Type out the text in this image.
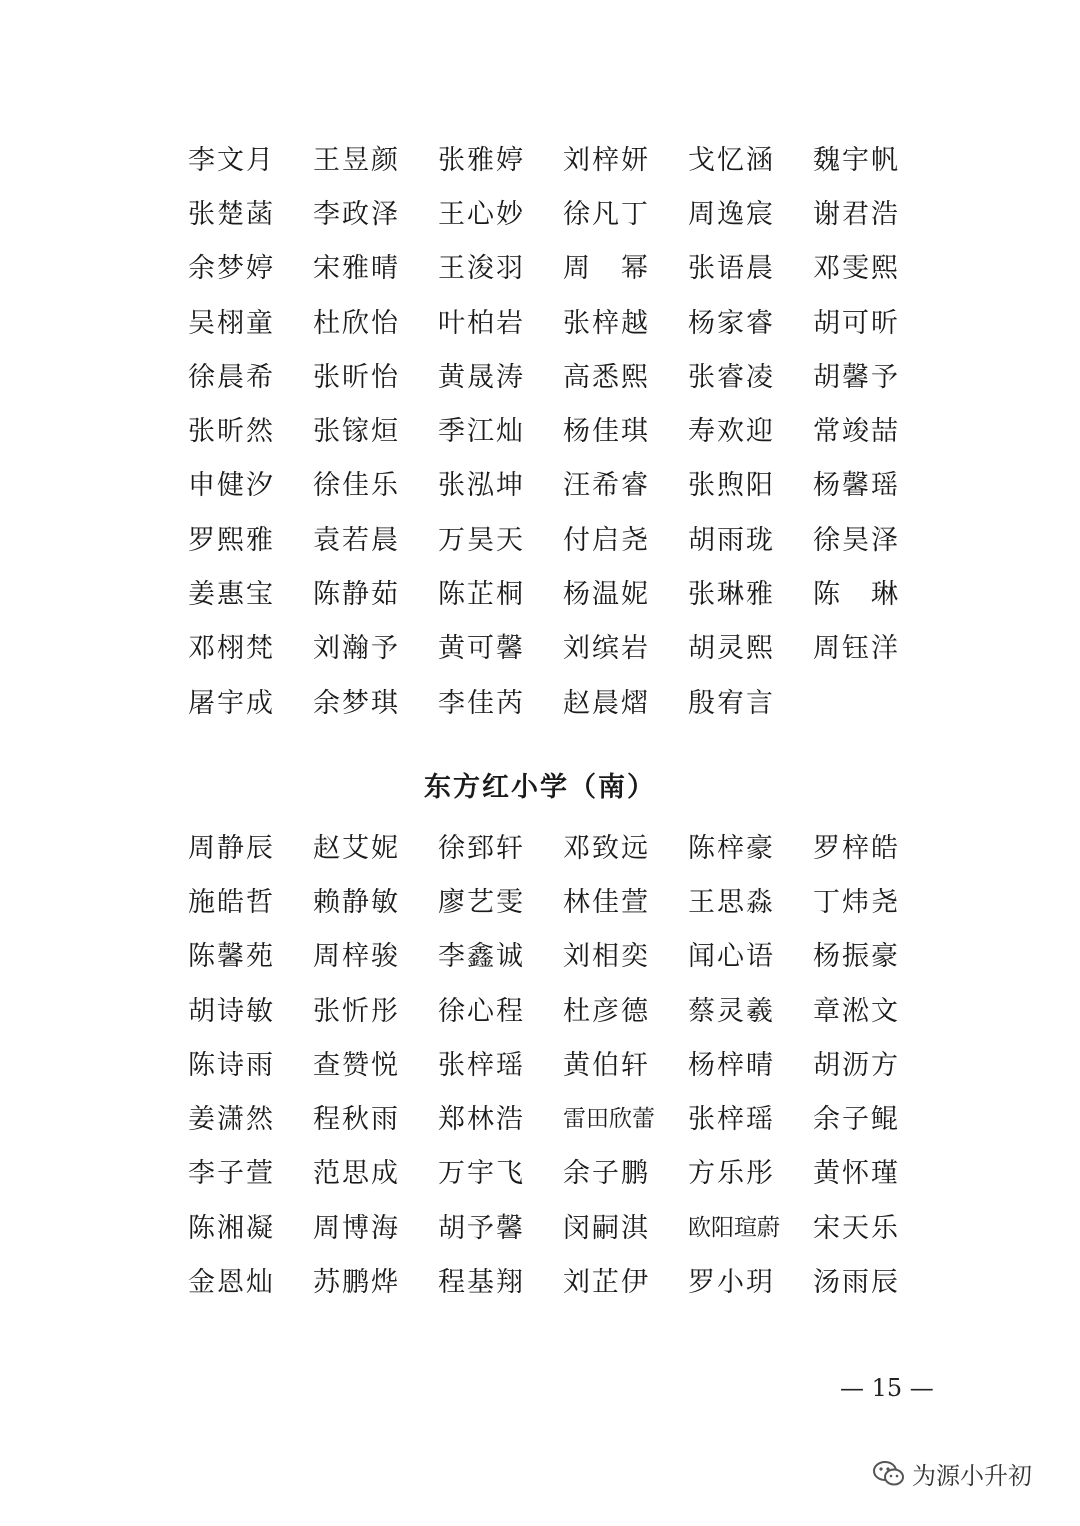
李文月	王昱颜	张雅婷	刘梓妍	戈忆涵	魏宇帆
张楚菡	李政泽	王心妙	徐凡丁	周逸宸	谢君浩
余梦婷	宋雅晴	王浚羽	周　幂	张语晨	邓雯熙
吴栩童	杜欣怡	叶柏岩	张梓越	杨家睿	胡可昕
徐晨希	张昕怡	黄晟涛	高悉熙	张睿凌	胡馨予
张昕然	张镓烜	季江灿	杨佳琪	寿欢迎	常竣喆
申健汐	徐佳乐	张泓坤	汪希睿	张煦阳	杨馨瑶
罗熙雅	袁若晨	万昊天	付启尧	胡雨珑	徐昊泽
姜惠宝	陈静茹	陈芷桐	杨温妮	张琳雅	陈　琳
邓栩梵	刘瀚予	黄可馨	刘缤岩	胡灵熙	周钰洋
屠宇成	余梦琪	李佳芮	赵晨熠	殷宥言
东方红小学（南）
周静辰	赵艾妮	徐郅轩	邓致远	陈梓豪	罗梓皓
施皓哲	赖静敏	廖艺雯	林佳萱	王思淼	丁炜尧
陈馨苑	周梓骏	李鑫诚	刘相奕	闻心语	杨振豪
胡诗敏	张忻彤	徐心程	杜彦德	蔡灵羲	章淞文
陈诗雨	查赞悦	张梓瑶	黄伯轩	杨梓晴	胡沥方
姜潇然	程秋雨	郑林浩	雷田欣蕾	张梓瑶	余子鲲
李子萱	范思成	万宇飞	余子鹏	方乐彤	黄怀瑾
陈湘凝	周博海	胡予馨	闵嗣淇	欧阳瑄蔚	宋天乐
金恩灿	苏鹏烨	程基翔	刘芷伊	罗小玥	汤雨辰
— 15 —
为源小升初
